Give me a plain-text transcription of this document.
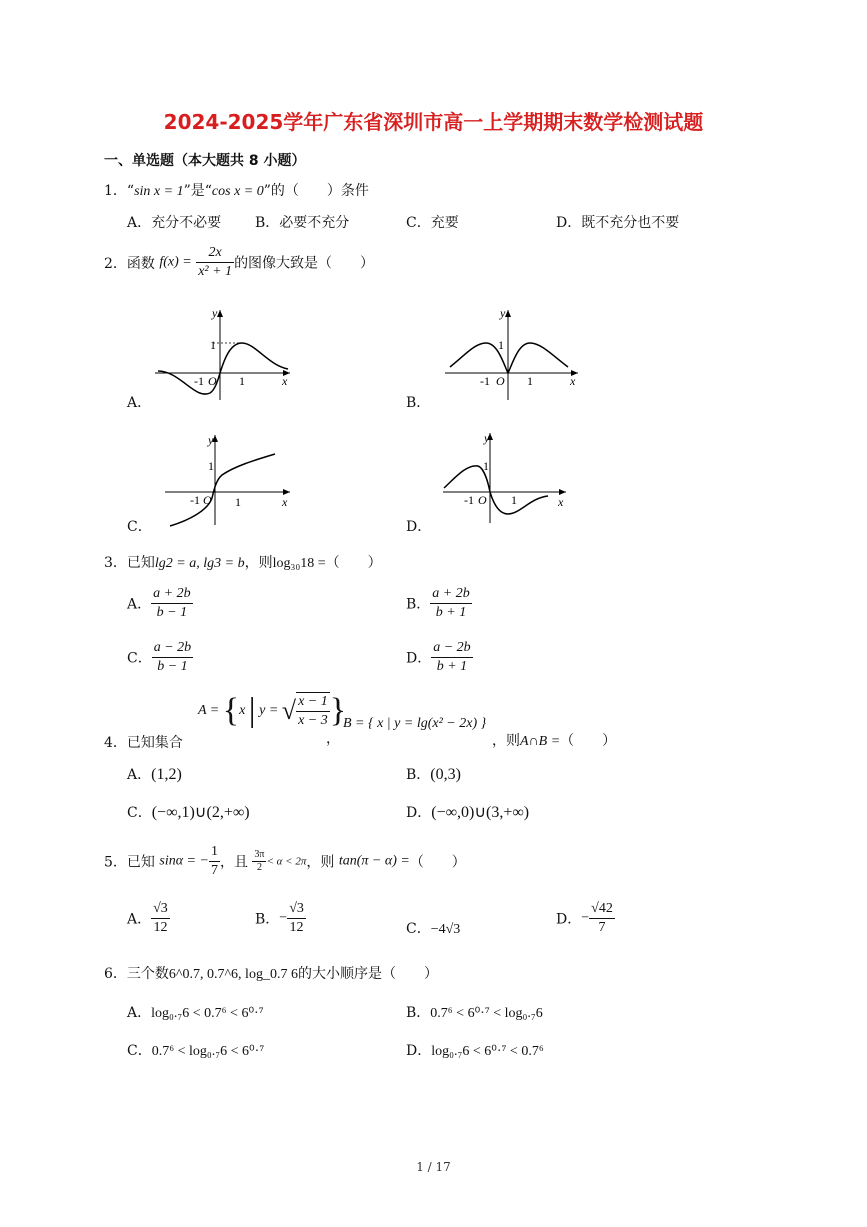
2024-2025学年广东省深圳市高一上学期期末数学检测试题
一、单选题（本大题共 8 小题）
1．“sin x = 1”是“cos x = 0”的（　　）条件
A．充分不必要 B．必要不充分	C．充要	D．既不充分也不要
2．函数 $f(x) = \frac{2x}{\text{x² + 1}}$ 的图像大致是（　　）
A．
y
x
1
-1 O 1
B．
y
x
1
-1 O 1
C．
y
x
1
-1 O 1
D．
y
x
1
-1 O 1
3．已知lg2 = a, lg3 = b，则log₃₀18 =（　　）
A． $\frac{a + 2b}{b - 1}$	B． $\frac{a + 2b}{b + 1}$
C． $\frac{a - 2b}{b - 1}$	D． $\frac{a - 2b}{b + 1}$
4．已知集合
A = {x | y = √ $\frac{x - 1}{x - 3}$ }
，
B = { x | y = lg(x² − 2x) }
，则A∩B =（　　）
A．(1,2)	B．(0,3)
C．(−∞,1)∪(2,+∞)	D．(−∞,0)∪(3,+∞)
5．已知 sinα = − $\frac{1}{7}$ ，且 $\frac{3\pi}{2} < \alpha < 2\pi$，则 tan(π − α) =（　　）
A． $\frac{√3}{12}$	B．− $\frac{√3}{12}$	C．−4√3
D．− $\frac{√42}{7}$
6．三个数6^0.7, 0.7^6, log_0.7 6的大小顺序是（　　）
A．log₀.₇6 < 0.7⁶ < 6⁰·⁷	B．0.7⁶ < 6⁰·⁷ < log₀.₇6
C．0.7⁶ < log₀.₇6 < 6⁰·⁷	D．log₀.₇6 < 6⁰·⁷ < 0.7⁶
1 / 17
